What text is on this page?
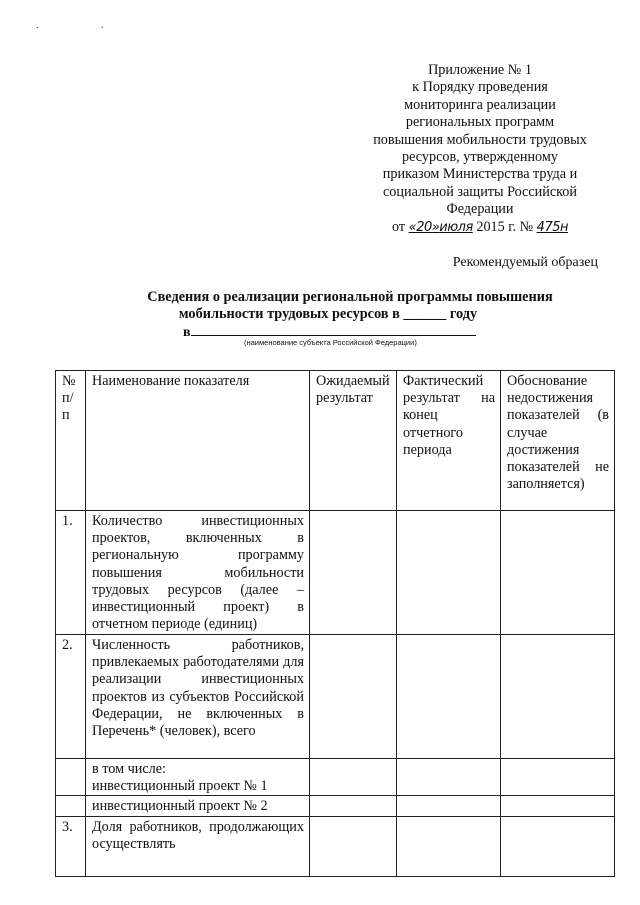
. .
Приложение № 1
к Порядку проведения
мониторинга реализации
региональных программ
повышения мобильности трудовых
ресурсов, утвержденному
приказом Министерства труда и
социальной защиты Российской
Федерации
от «20»июля 2015 г. № 475н
Рекомендуемый образец
Сведения о реализации региональной программы повышения
мобильности трудовых ресурсов в ______ году
в
(наименование субъекта Российской Федерации)
№ п/п	Наименование показателя	Ожидаемый результат	Фактический результат на конец отчетного периода	Обоснование недостижения показателей (в случае достижения показателей не заполняется)
1.	Количество инвестиционных проектов, включенных в региональную программу повышения мобильности трудовых ресурсов (далее – инвестиционный проект) в
отчетном периоде (единиц)			

2.	Численность работников, привлекаемых работодателями для реализации инвестиционных проектов из субъектов Российской Федерации, не включенных в
Перечень* (человек), всего			

	в том числе: инвестиционный проект № 1			
	инвестиционный проект № 2			
3.	Доля работников, продолжающих осуществлять			
